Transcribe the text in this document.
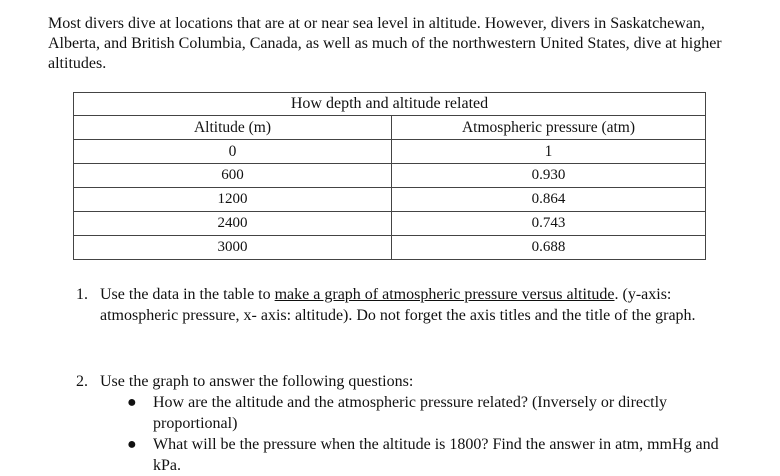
Most divers dive at locations that are at or near sea level in altitude. However, divers in Saskatchewan, Alberta, and British Columbia, Canada, as well as much of the northwestern United States, dive at higher altitudes.
How depth and altitude related	
Altitude (m)	Atmospheric pressure (atm)
0	1
600	0.930
1200	0.864
2400	0.743
3000	0.688
1. Use the data in the table to make a graph of atmospheric pressure versus altitude. (y-axis: atmospheric pressure, x- axis: altitude). Do not forget the axis titles and the title of the graph.
2. Use the graph to answer the following questions:
● How are the altitude and the atmospheric pressure related? (Inversely or directly proportional)
● What will be the pressure when the altitude is 1800? Find the answer in atm, mmHg and kPa.
